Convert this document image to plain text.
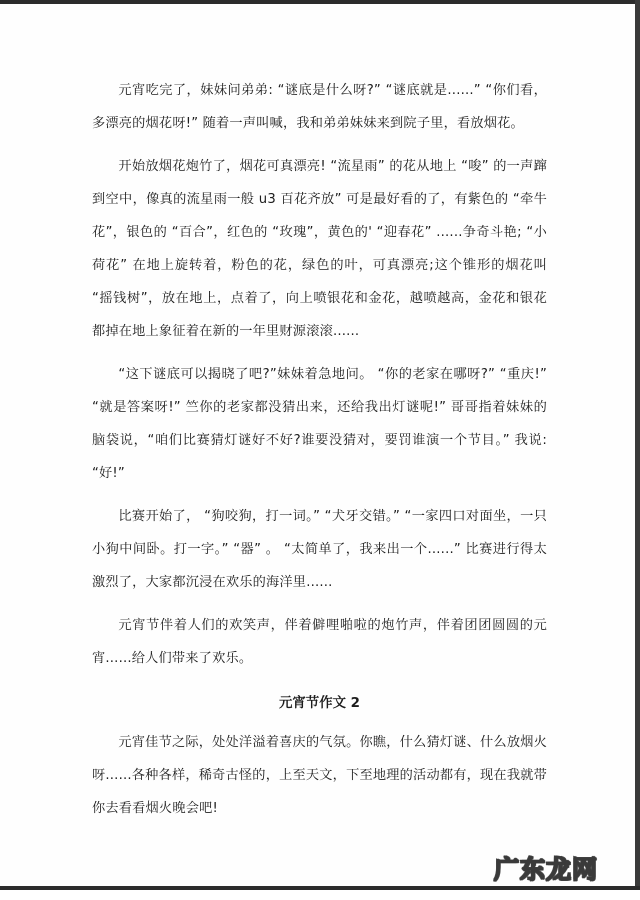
元宵吃完了，妹妹问弟弟: “谜底是什么呀?” “谜底就是......” “你们看，多漂亮的烟花呀!” 随着一声叫喊，我和弟弟妹妹来到院子里，看放烟花。

开始放烟花炮竹了，烟花可真漂亮! “流星雨” 的花从地上 “唆” 的一声蹿到空中，像真的流星雨一般 u3 百花齐放” 可是最好看的了，有紫色的 “牵牛花”，银色的 “百合”，红色的 “玫瑰”，黄色的' “迎春花” ......争奇斗艳; “小荷花” 在地上旋转着，粉色的花，绿色的叶，可真漂亮;这个锥形的烟花叫 “摇钱树”，放在地上，点着了，向上喷银花和金花，越喷越高，金花和银花都掉在地上象征着在新的一年里财源滚滚......

“这下谜底可以揭晓了吧?”妹妹着急地问。 “你的老家在哪呀?” “重庆!” “就是答案呀!” 竺你的老家都没猜出来，还给我出灯谜呢!” 哥哥指着妹妹的脑袋说，“咱们比赛猜灯谜好不好?谁要没猜对，要罚谁演一个节目。” 我说: “好!”

比赛开始了， “狗咬狗，打一词。” “犬牙交错。” “一家四口对面坐，一只小狗中间卧。打一字。” “器” 。 “太简单了，我来出一个......” 比赛进行得太激烈了，大家都沉浸在欢乐的海洋里......

元宵节伴着人们的欢笑声，伴着僻哩啪啦的炮竹声，伴着团团圆圆的元宵......给人们带来了欢乐。

元宵节作文 2

元宵佳节之际，处处洋溢着喜庆的气氛。你瞧，什么猜灯谜、什么放烟火呀......各种各样，稀奇古怪的，上至天文，下至地理的活动都有，现在我就带你去看看烟火晚会吧!

广东龙网
